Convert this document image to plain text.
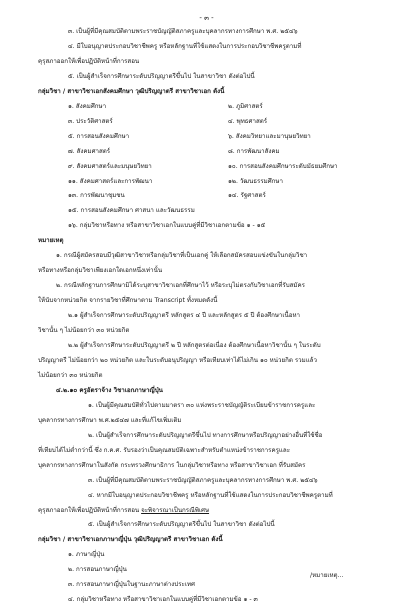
- ๓ -
๓. เป็นผู้ที่มีคุณสมบัติตามพระราชบัญญัติสภาครูและบุคลากรทางการศึกษา พ.ศ. ๒๕๔๖
๔. มีใบอนุญาตประกอบวิชาชีพครู หรือหลักฐานที่ใช้แสดงในการประกอบวิชาชีพครูตามที่
คุรุสภาออกให้เพื่อปฏิบัติหน้าที่การสอน
๕. เป็นผู้สำเร็จการศึกษาระดับปริญญาตรีขึ้นไป ในสาขาวิชา ดังต่อไปนี้
กลุ่มวิชา / สาขาวิชาเอกสังคมศึกษา วุฒิปริญญาตรี สาขาวิชาเอก ดังนี้
๑. สังคมศึกษา	๒. ภูมิศาสตร์
๓. ประวัติศาสตร์	๔. พุทธศาสตร์
๕. การสอนสังคมศึกษา	๖. สังคมวิทยาและมานุษยวิทยา
๗. สังคมศาสตร์	๘. การพัฒนาสังคม
๙. สังคมศาสตร์และมนุษยวิทยา	๑๐. การสอนสังคมศึกษาระดับมัธยมศึกษา
๑๑. สังคมศาสตร์และการพัฒนา	๑๒. วัฒนธรรมศึกษา
๑๓. การพัฒนาชุมชน	๑๔. รัฐศาสตร์
๑๕. การสอนสังคมศึกษา ศาสนา และวัฒนธรรม
๑๖. กลุ่มวิชาหรือทาง หรือสาขาวิชาเอกในแบบคู่ที่มีวิชาเอกตามข้อ ๑ - ๑๕
หมายเหตุ
๑. กรณีผู้สมัครสอบมีวุฒิสาขาวิชาหรือกลุ่มวิชาที่เป็นเอกคู่ ให้เลือกสมัครสอบแข่งขันในกลุ่มวิชา
หรือทางหรือกลุ่มวิชาเพียงเอกใดเอกหนึ่งเท่านั้น
๒. กรณีหลักฐานการศึกษามิได้ระบุสาขาวิชาเอกที่ศึกษาไว้ หรือระบุไม่ตรงกับวิชาเอกที่รับสมัคร
ให้นับจากหน่วยกิต จากรายวิชาที่ศึกษาตาม Transcript ทั้งหมดดังนี้
๒.๑ ผู้สำเร็จการศึกษาระดับปริญญาตรี หลักสูตร ๔ ปี และหลักสูตร ๕ ปี ต้องศึกษาเนื้อหา
วิชานั้น ๆ ไม่น้อยกว่า ๓๐ หน่วยกิต
๒.๒ ผู้สำเร็จการศึกษาระดับปริญญาตรี ๒ ปี หลักสูตรต่อเนื่อง ต้องศึกษาเนื้อหาวิชานั้น ๆ ในระดับ
ปริญญาตรี ไม่น้อยกว่า ๒๐ หน่วยกิต และในระดับอนุปริญญา หรือเทียบเท่าได้ไม่เกิน ๑๐ หน่วยกิต รวมแล้ว
ไม่น้อยกว่า ๓๐ หน่วยกิต
๔.๒.๑๐ ครูอัตราจ้าง วิชาเอกภาษาญี่ปุ่น
๑. เป็นผู้มีคุณสมบัติทั่วไปตามมาตรา ๓๐ แห่งพระราชบัญญัติระเบียบข้าราชการครูและ
บุคลากรทางการศึกษา พ.ศ.๒๕๔๗ และที่แก้ไขเพิ่มเติม
๒. เป็นผู้สำเร็จการศึกษาระดับปริญญาตรีขึ้นไป ทางการศึกษาหรือปริญญาอย่างอื่นที่ใช้ชื่อ
ที่เทียบได้ไม่ต่ำกว่านี้ ซึ่ง ก.ค.ศ. รับรองว่าเป็นคุณสมบัติเฉพาะสำหรับตำแหน่งข้าราชการครูและ
บุคลากรทางการศึกษาในสังกัด กระทรวงศึกษาธิการ ในกลุ่มวิชาหรือทาง หรือสาขาวิชาเอก ที่รับสมัคร
๓. เป็นผู้ที่มีคุณสมบัติตามพระราชบัญญัติสภาครูและบุคลากรทางการศึกษา พ.ศ. ๒๕๔๖
๔. หากมีใบอนุญาตประกอบวิชาชีพครู หรือหลักฐานที่ใช้แสดงในการประกอบวิชาชีพครูตามที่
คุรุสภาออกให้เพื่อปฏิบัติหน้าที่การสอน จะพิจารณาเป็นกรณีพิเศษ
๕. เป็นผู้สำเร็จการศึกษาระดับปริญญาตรีขึ้นไป ในสาขาวิชา ดังต่อไปนี้
กลุ่มวิชา / สาขาวิชาเอกภาษาญี่ปุ่น วุฒิปริญญาตรี สาขาวิชาเอก ดังนี้
๑. ภาษาญี่ปุ่น
๒. การสอนภาษาญี่ปุ่น
๓. การสอนภาษาญี่ปุ่นในฐานะภาษาต่างประเทศ
๔. กลุ่มวิชาหรือทาง หรือสาขาวิชาเอกในแบบคู่ที่มีวิชาเอกตามข้อ ๑ - ๓
/หมายเหตุ...
